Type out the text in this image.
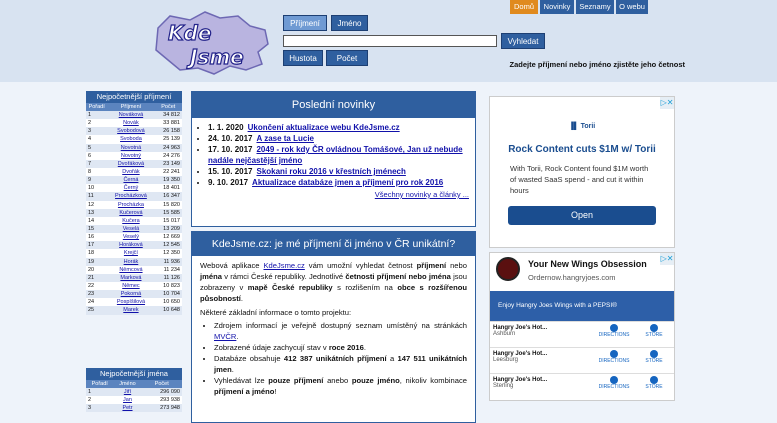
Kde
Jsme
Příjmení	Jméno
Vyhledat
Hustota	Počet
Domů	Novinky	Seznamy	O webu
Zadejte příjmení nebo jméno zjistěte jeho četnost
Nejpočetnější příjmení
Pořadí	Příjmení	Počet
1	Nováková	34 812
2	Novák	33 881
3	Svobodová	26 158
4	Svoboda	25 139
5	Novotná	24 963
6	Novotný	24 276
7	Dvořáková	23 149
8	Dvořák	22 241
9	Černá	19 350
10	Černý	18 401
11	Procházková	16 347
12	Procházka	15 820
13	Kučerová	15 585
14	Kučera	15 017
15	Veselá	13 209
16	Veselý	12 669
17	Horáková	12 545
18	Krejčí	12 350
19	Horák	11 936
20	Němcová	11 234
21	Marková	11 126
22	Němec	10 823
23	Pokorná	10 704
24	Pospíšilová	10 650
25	Marek	10 648
Nejpočetnější jména
Pořadí	Jméno	Počet
1	Jiří	296 090
2	Jan	293 938
3	Petr	273 948
Poslední novinky
• 1. 1. 2020 Ukončení aktualizace webu KdeJsme.cz
• 24. 10. 2017 A zase ta Lucie
• 17. 10. 2017 2049 - rok kdy ČR ovládnou Tomášové, Jan už nebude nadále nejčastější jméno
• 15. 10. 2017 Skokani roku 2016 v křestních jménech
• 9. 10. 2017 Aktualizace databáze jmen a příjmení pro rok 2016
Všechny novinky a články ...
KdeJsme.cz: je mé příjmení či jméno v ČR unikátní?

Webová aplikace KdeJsme.cz vám umožní vyhledat četnost příjmení nebo jména v rámci České republiky. Jednotlivé četnosti příjmení nebo jména jsou zobrazeny v mapě České republiky s rozlišením na obce s rozšířenou působností.

Některé základní informace o tomto projektu:

• Zdrojem informací je veřejně dostupný seznam umístěný na stránkách MVČR.
• Zobrazené údaje zachycují stav v roce 2016.
• Databáze obsahuje 412 387 unikátních příjmení a 147 511 unikátních jmen.
• Vyhledávat lze pouze příjmení anebo pouze jméno, nikoliv kombinace příjmení a jméno!
▷✕
▐▌ Torii
Rock Content cuts $1M w/ Torii
With Torii, Rock Content found $1M worth of wasted SaaS spend - and cut it within hours
Open
▷✕
Your New Wings Obsession
Ordernow.hangryjoes.com
Enjoy Hangry Joes Wings with a PEPSI®
Hangry Joe's Hot...
Ashburn	DIRECTIONS	STORE
Hangry Joe's Hot...
Leesburg	DIRECTIONS	STORE
Hangry Joe's Hot...
Sterling	DIRECTIONS	STORE
